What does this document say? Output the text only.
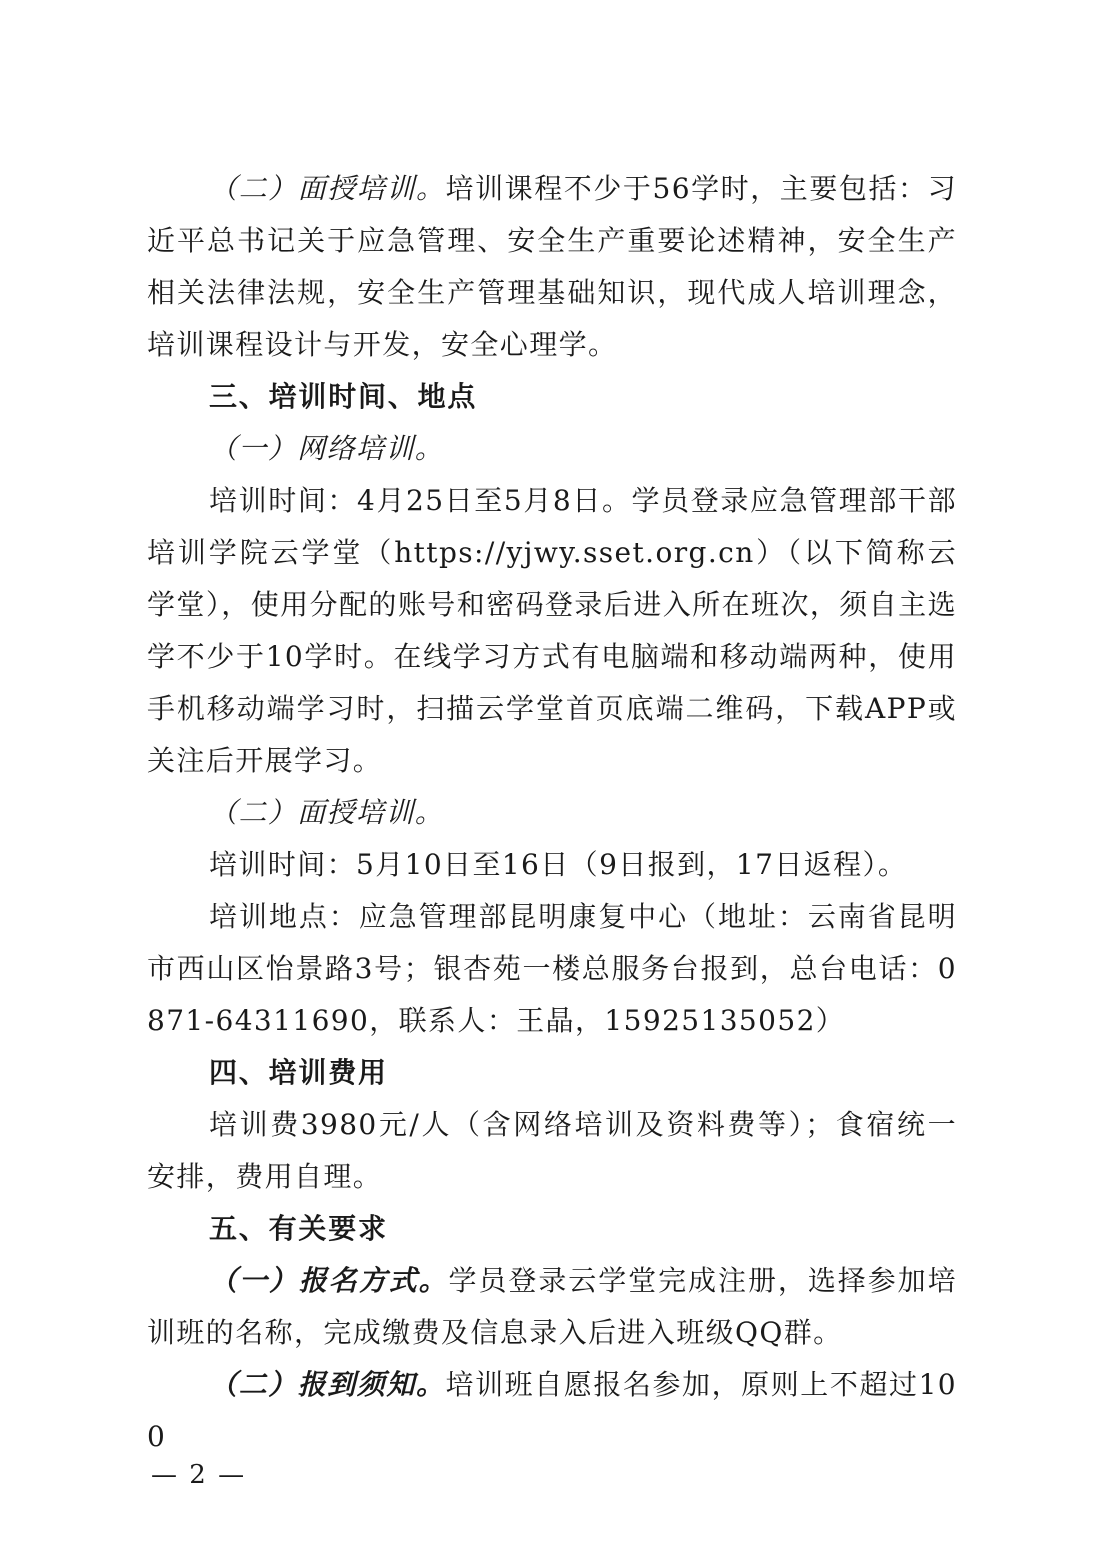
（二）面授培训。培训课程不少于56学时，主要包括：习近平总书记关于应急管理、安全生产重要论述精神，安全生产相关法律法规，安全生产管理基础知识，现代成人培训理念，培训课程设计与开发，安全心理学。

三、培训时间、地点

（一）网络培训。

培训时间：4月25日至5月8日。学员登录应急管理部干部培训学院云学堂（https://yjwy.sset.org.cn）（以下简称云学堂），使用分配的账号和密码登录后进入所在班次，须自主选学不少于10学时。在线学习方式有电脑端和移动端两种，使用手机移动端学习时，扫描云学堂首页底端二维码，下载APP或关注后开展学习。

（二）面授培训。

培训时间：5月10日至16日（9日报到，17日返程）。

培训地点：应急管理部昆明康复中心（地址：云南省昆明市西山区怡景路3号；银杏苑一楼总服务台报到，总台电话：0871-64311690，联系人：王晶，15925135052）

四、培训费用

培训费3980元/人（含网络培训及资料费等）；食宿统一安排，费用自理。

五、有关要求

（一）报名方式。学员登录云学堂完成注册，选择参加培训班的名称，完成缴费及信息录入后进入班级QQ群。

（二）报到须知。培训班自愿报名参加，原则上不超过100

— 2 —
